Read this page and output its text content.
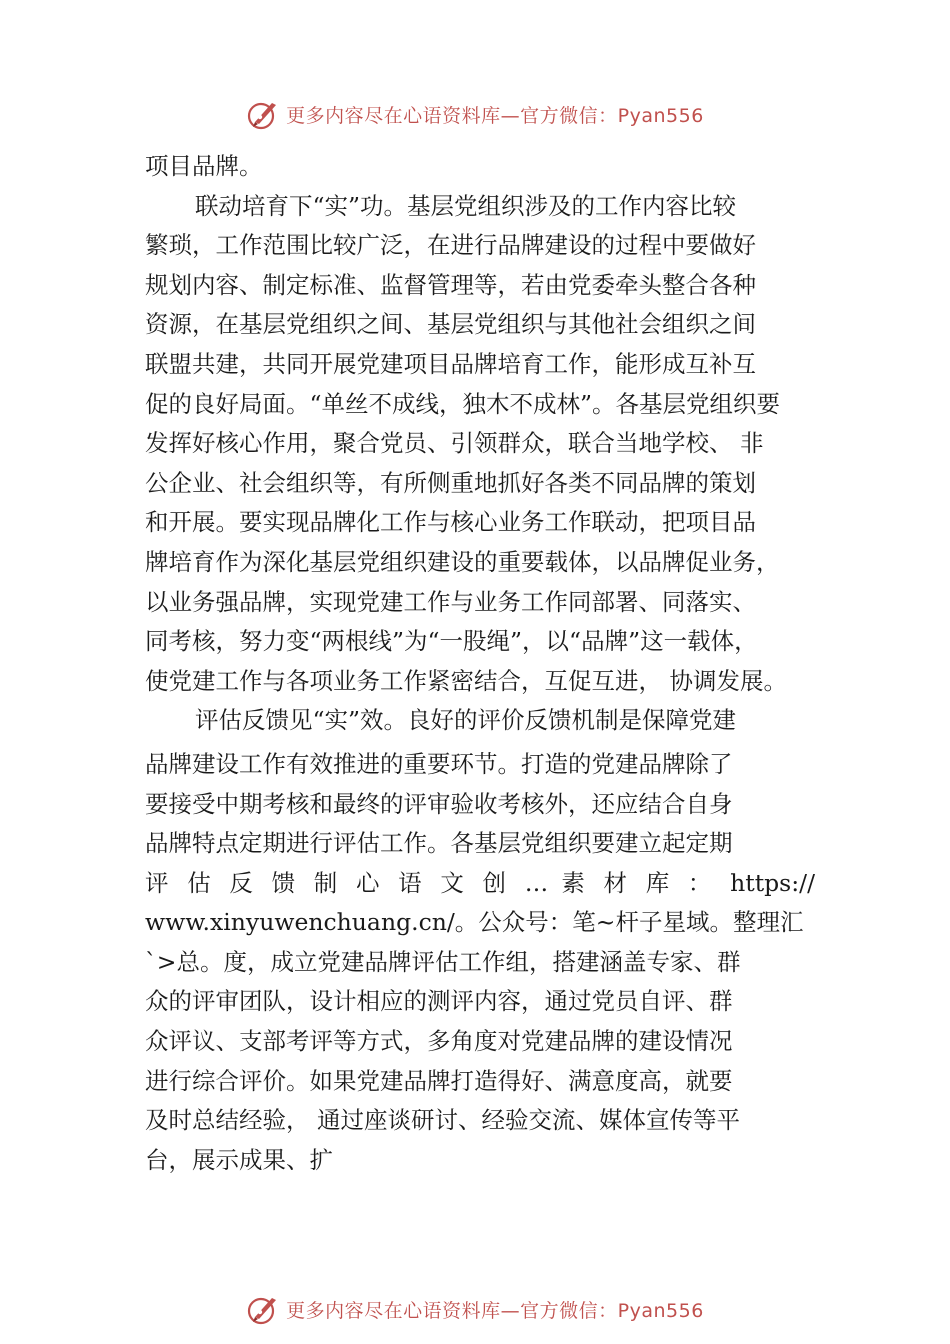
更多内容尽在心语资料库—官方微信：Pyan556
项目品牌。
联动培育下“实”功。基层党组织涉及的工作内容比较
繁琐，工作范围比较广泛，在进行品牌建设的过程中要做好
规划内容、制定标准、监督管理等，若由党委牵头整合各种
资源，在基层党组织之间、基层党组织与其他社会组织之间
联盟共建，共同开展党建项目品牌培育工作，能形成互补互
促的良好局面。“单丝不成线，独木不成林”。各基层党组织要
发挥好核心作用，聚合党员、引领群众，联合当地学校、 非
公企业、社会组织等，有所侧重地抓好各类不同品牌的策划
和开展。要实现品牌化工作与核心业务工作联动，把项目品
牌培育作为深化基层党组织建设的重要载体，以品牌促业务，
以业务强品牌，实现党建工作与业务工作同部署、同落实、
同考核，努力变“两根线”为“一股绳”，以“品牌”这一载体，
使党建工作与各项业务工作紧密结合，互促互进， 协调发展。
评估反馈见“实”效。良好的评价反馈机制是保障党建
品牌建设工作有效推进的重要环节。打造的党建品牌除了
要接受中期考核和最终的评审验收考核外，还应结合自身
品牌特点定期进行评估工作。各基层党组织要建立起定期
评 估 反 馈 制 心 语 文 创 … 素 材 库 ： https://
www.xinyuwenchuang.cn/。公众号：笔~杆子星域。整理汇
`>总。度，成立党建品牌评估工作组，搭建涵盖专家、群
众的评审团队，设计相应的测评内容，通过党员自评、群
众评议、支部考评等方式，多角度对党建品牌的建设情况
进行综合评价。如果党建品牌打造得好、满意度高，就要
及时总结经验， 通过座谈研讨、经验交流、媒体宣传等平
台，展示成果、扩
更多内容尽在心语资料库—官方微信：Pyan556
